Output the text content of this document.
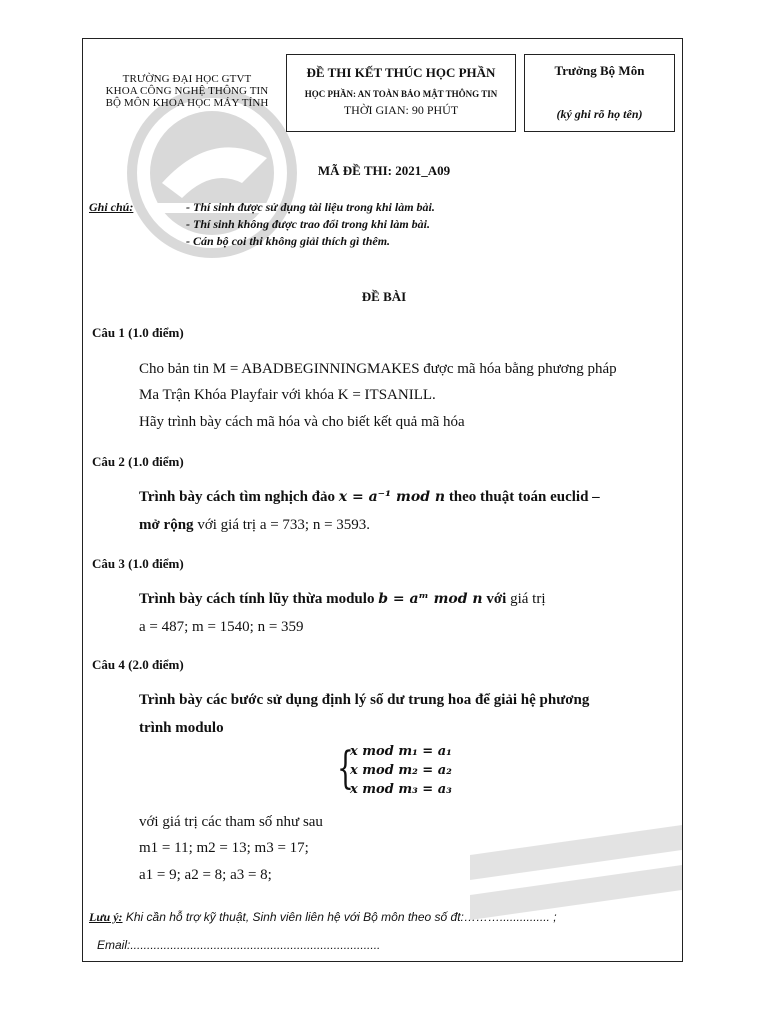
TRƯỜNG ĐẠI HỌC GTVT
KHOA CÔNG NGHỆ THÔNG TIN
BỘ MÔN KHOA HỌC MÁY TÍNH
ĐỀ THI KẾT THÚC HỌC PHẦN
HỌC PHẦN: AN TOÀN BẢO MẬT THÔNG TIN
THỜI GIAN: 90 PHÚT
Trưởng Bộ Môn
(ký ghi rõ họ tên)
MÃ ĐỀ THI: 2021_A09
Ghi chú:	- Thí sinh được sử dụng tài liệu trong khi làm bài.
- Thí sinh không được trao đổi trong khi làm bài.
- Cán bộ coi thi không giải thích gì thêm.
ĐỀ BÀI
Câu 1 (1.0 điểm)
Cho bản tin M = ABADBEGINNINGMAKES được mã hóa bằng phương pháp
Ma Trận Khóa Playfair với khóa K = ITSANILL.
Hãy trình bày cách mã hóa và cho biết kết quả mã hóa
Câu 2 (1.0 điểm)
Trình bày cách tìm nghịch đảo x = a⁻¹ mod n theo thuật toán euclid –
mở rộng với giá trị a = 733; n = 3593.
Câu 3 (1.0 điểm)
Trình bày cách tính lũy thừa modulo b = aᵐ mod n với giá trị
a = 487; m = 1540; n = 359
Câu 4 (2.0 điểm)
Trình bày các bước sử dụng định lý số dư trung hoa để giải hệ phương
trình modulo
{
x mod m₁ = a₁
x mod m₂ = a₂
x mod m₃ = a₃
với giá trị các tham số như sau
m1 = 11; m2 = 13; m3 = 17;
a1 = 9; a2 = 8; a3 = 8;
Lưu ý: Khi cần hỗ trợ kỹ thuật, Sinh viên liên hệ với Bộ môn theo số đt:………............... ;
Email:...........................................................................
